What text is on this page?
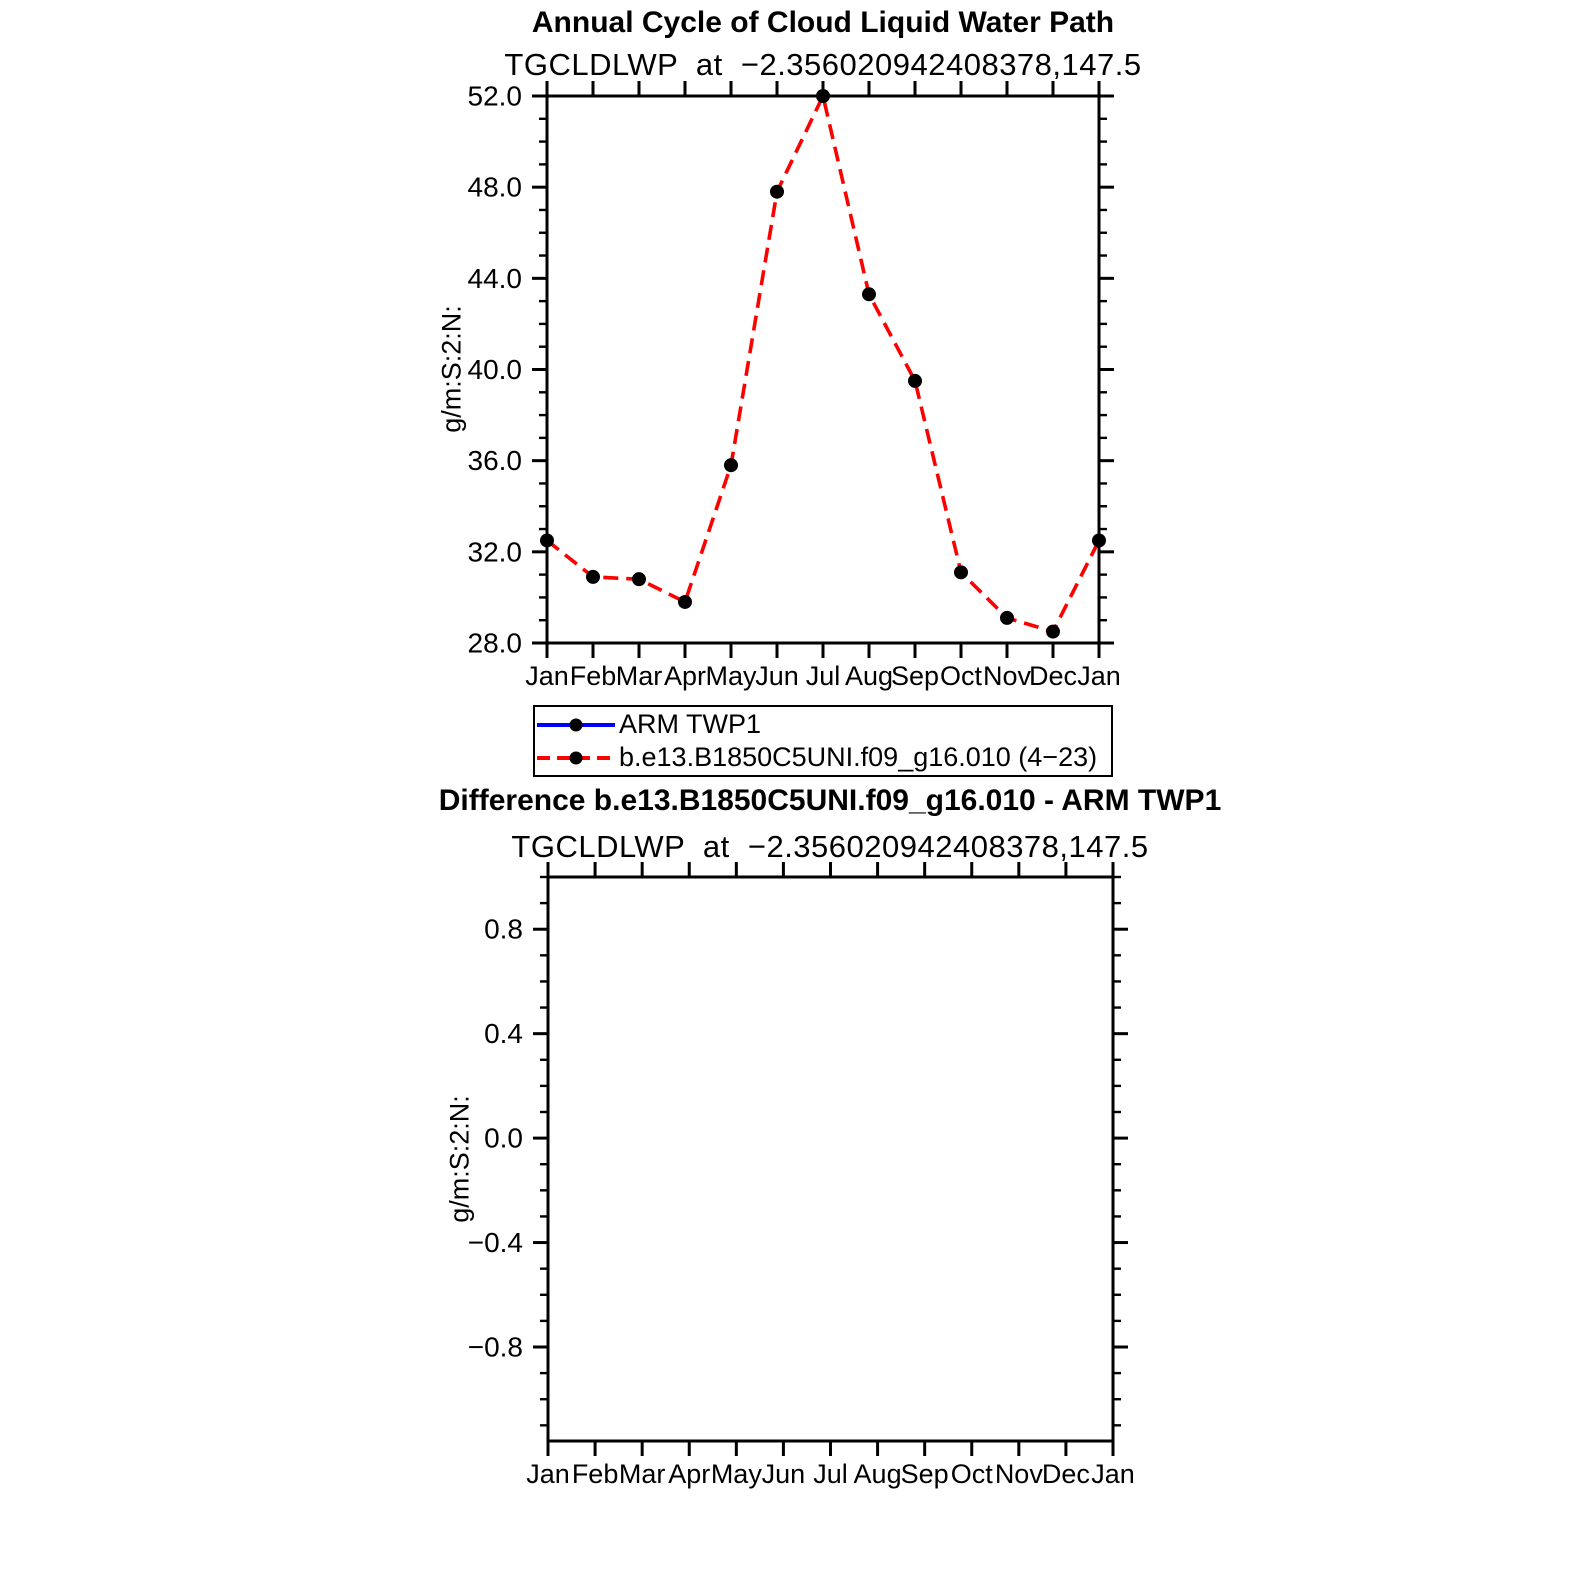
Annual Cycle of Cloud Liquid Water Path
TGCLDLWP at −2.356020942408378,147.5
g/m:S:2:N:
Difference b.e13.B1850C5UNI.f09_g16.010 - ARM TWP1
TGCLDLWP at −2.356020942408378,147.5
g/m:S:2:N:
Jan Feb Mar Apr May
Jun Jul Aug
Sep Oct Nov
Dec Jan
28.0
32.0
36.0
40.0
44.0
48.0
52.0
Jan Feb Mar Apr May Jun Jul Aug Sep Oct Nov Dec Jan
−0.8
−0.4
0.0
0.4
0.8
ARM TWP1
b.e13.B1850C5UNI.f09_g16.010 (4−23)
